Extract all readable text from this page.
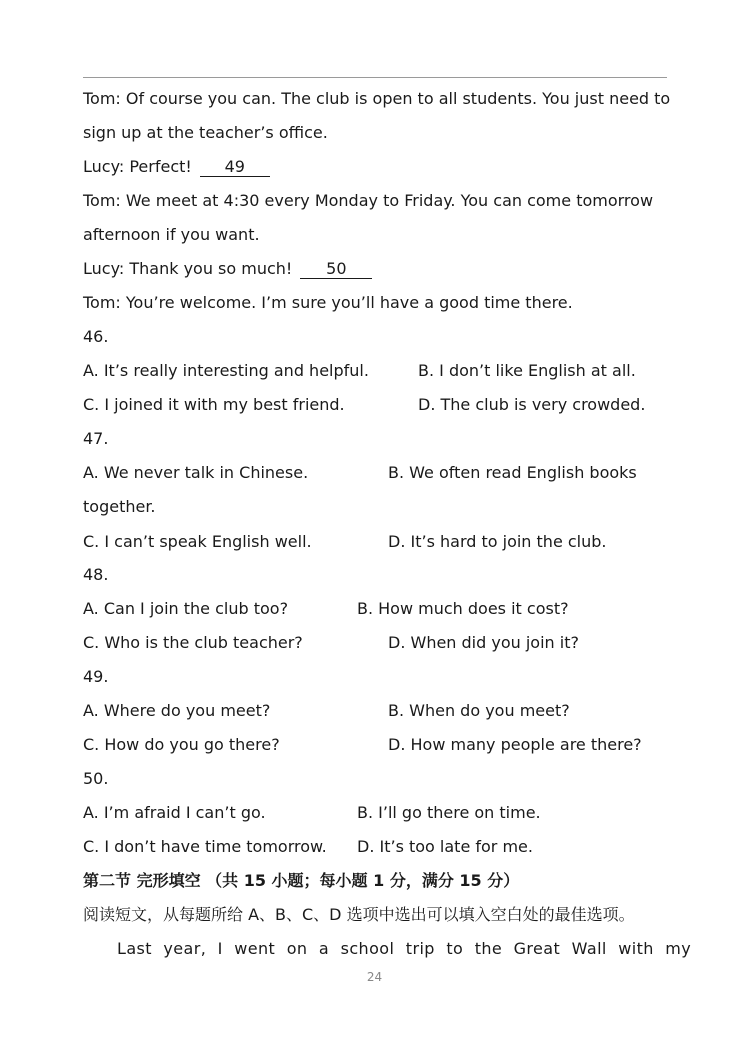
Tom: Of course you can. The club is open to all students. You just need to
sign up at the teacher’s office.
Lucy: Perfect! 49
Tom: We meet at 4:30 every Monday to Friday. You can come tomorrow
afternoon if you want.
Lucy: Thank you so much! 50
Tom: You’re welcome. I’m sure you’ll have a good time there.
46.
A. It’s really interesting and helpful.	B. I don’t like English at all.
C. I joined it with my best friend.	D. The club is very crowded.
47.
A. We never talk in Chinese.	B. We often read English books
together.
C. I can’t speak English well.	D. It’s hard to join the club.
48.
A. Can I join the club too?	B. How much does it cost?
C. Who is the club teacher?	D. When did you join it?
49.
A. Where do you meet?	B. When do you meet?
C. How do you go there?	D. How many people are there?
50.
A. I’m afraid I can’t go.	B. I’ll go there on time.
C. I don’t have time tomorrow. D. It’s too late for me.
第二节 完形填空 （共 15 小题；每小题 1 分，满分 15 分）
阅读短文，从每题所给 A、B、C、D 选项中选出可以填入空白处的最佳选项。
Last year, I went on a school trip to the Great Wall with my
24
